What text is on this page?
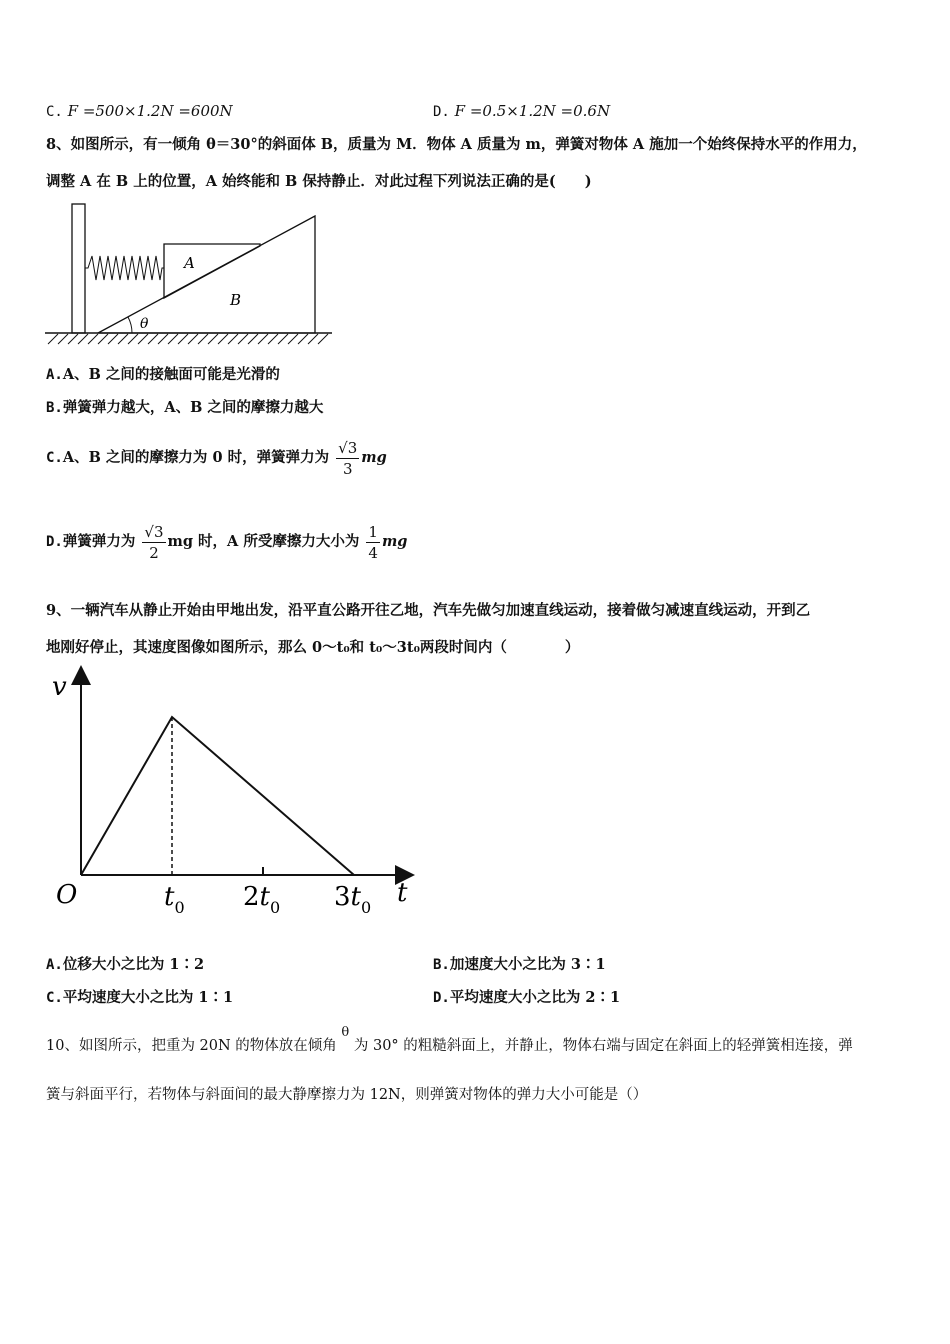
C. F =500×1.2N =600N	D. F =0.5×1.2N =0.6N
8、如图所示，有一倾角 θ＝30°的斜面体 B，质量为 M．物体 A 质量为 m，弹簧对物体 A 施加一个始终保持水平的作用力，
调整 A 在 B 上的位置，A 始终能和 B 保持静止．对此过程下列说法正确的是(　　)
A
B
θ
A.A、B 之间的接触面可能是光滑的
B.弹簧弹力越大，A、B 之间的摩擦力越大
C.A、B 之间的摩擦力为 0 时，弹簧弹力为 $\frac{√3}{3}$ mg
D.弹簧弹力为 $\frac{√3}{2}$ mg 时，A 所受摩擦力大小为 $\frac{1}{4}$ mg
9、一辆汽车从静止开始由甲地出发，沿平直公路开往乙地，汽车先做匀加速直线运动，接着做匀减速直线运动，开到乙
地刚好停止，其速度图像如图所示，那么 0～t₀和 t₀～3t₀两段时间内（　　　　）
v
t
O	$t_0$ $2t_0$ $3t_0$
A.位移大小之比为 1∶2	B.加速度大小之比为 3∶1
C.平均速度大小之比为 1∶1	D.平均速度大小之比为 2∶1
10、如图所示，把重为 20N 的物体放在倾角 θ 为 30° 的粗糙斜面上，并静止，物体右端与固定在斜面上的轻弹簧相连接，弹
簧与斜面平行，若物体与斜面间的最大静摩擦力为 12N，则弹簧对物体的弹力大小可能是（）
